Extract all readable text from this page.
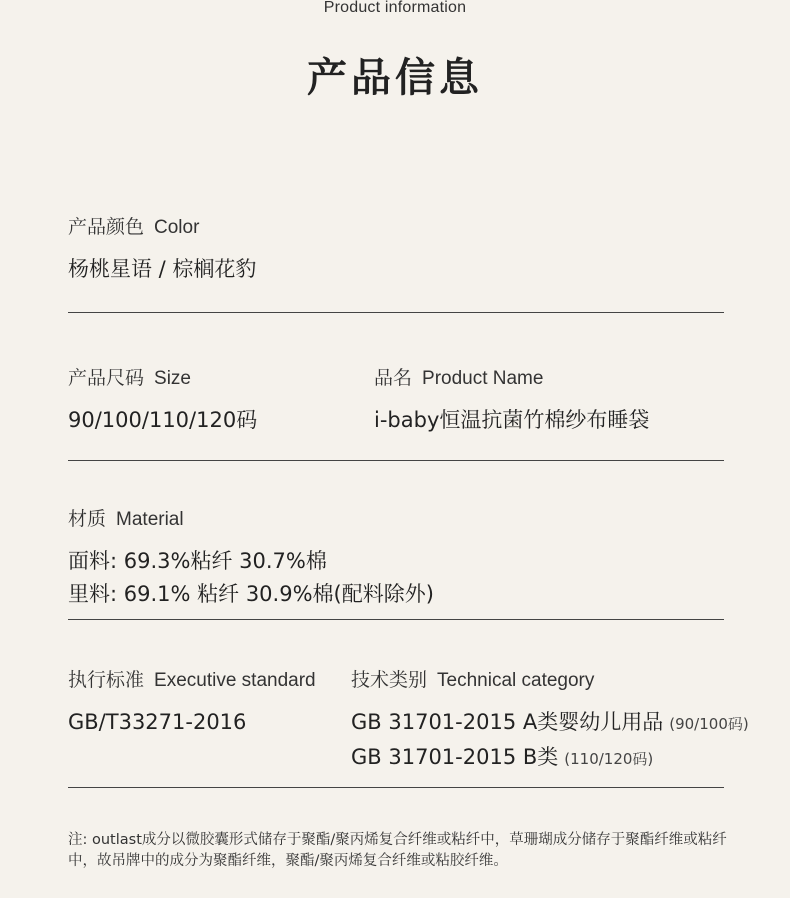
Product information
产品信息
产品颜色 Color
杨桃星语 / 棕榈花豹
产品尺码 Size
90/100/110/120码
品名 Product Name
i-baby恒温抗菌竹棉纱布睡袋
材质 Material
面料: 69.3%粘纤 30.7%棉
里料: 69.1% 粘纤 30.9%棉(配料除外)
执行标准 Executive standard
GB/T33271-2016
技术类别 Technical category
GB 31701-2015 A类婴幼儿用品 (90/100码)
GB 31701-2015 B类 (110/120码)
注: outlast成分以微胶囊形式储存于聚酯/聚丙烯复合纤维或粘纤中，草珊瑚成分储存于聚酯纤维或粘纤中，故吊牌中的成分为聚酯纤维，聚酯/聚丙烯复合纤维或粘胶纤维。
